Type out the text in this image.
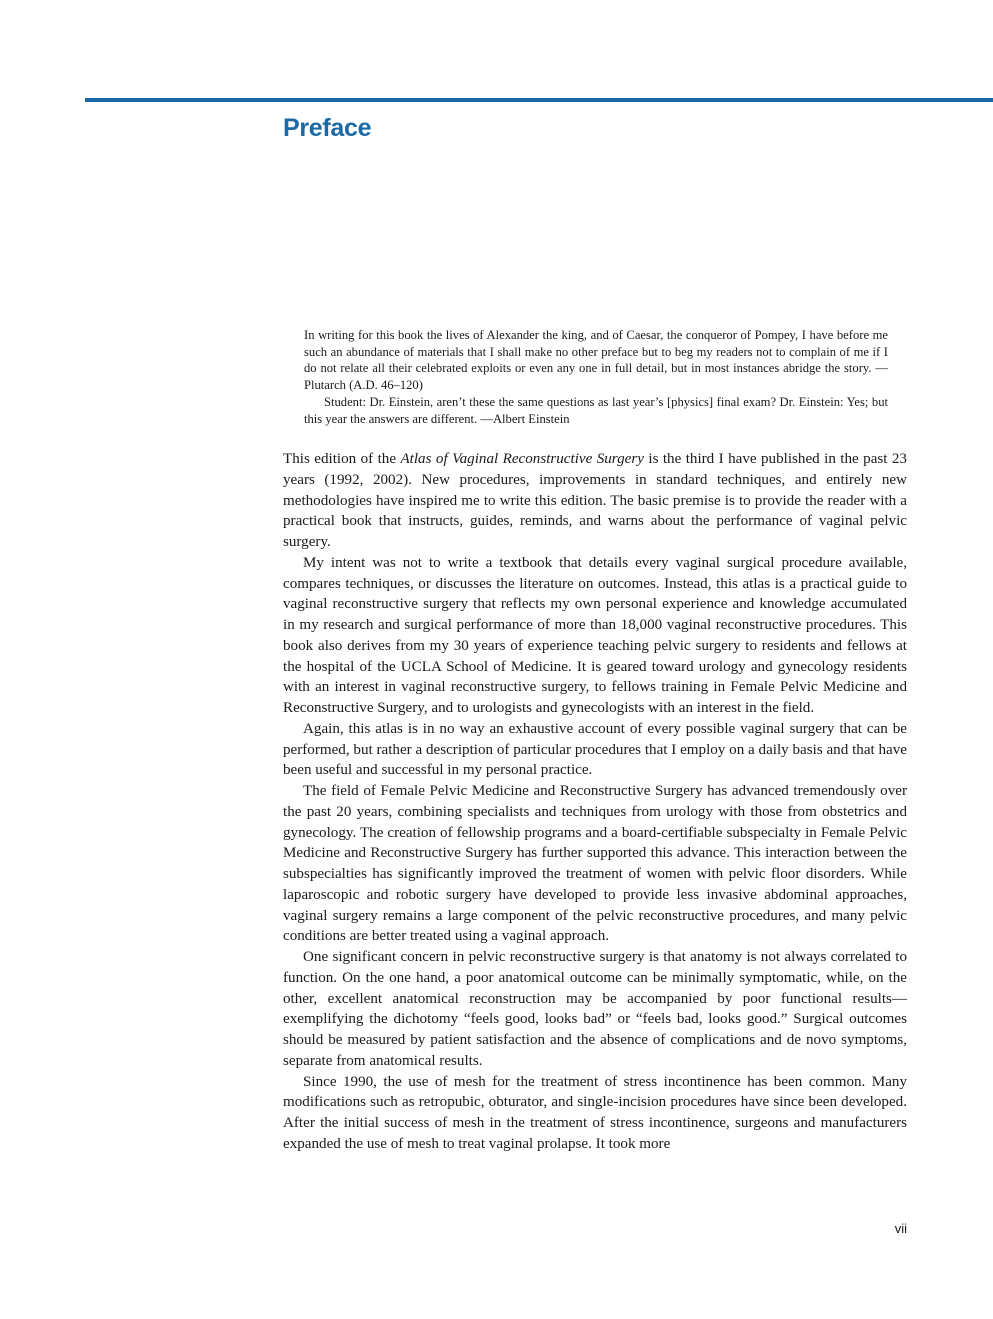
Preface

In writing for this book the lives of Alexander the king, and of Caesar, the conqueror of Pompey, I have before me such an abundance of materials that I shall make no other preface but to beg my readers not to complain of me if I do not relate all their celebrated exploits or even any one in full detail, but in most instances abridge the story. —Plutarch (A.D. 46–120)

Student: Dr. Einstein, aren’t these the same questions as last year’s [physics] final exam? Dr. Einstein: Yes; but this year the answers are different. —Albert Einstein

This edition of the Atlas of Vaginal Reconstructive Surgery is the third I have published in the past 23 years (1992, 2002). New procedures, improvements in standard techniques, and entirely new methodologies have inspired me to write this edition. The basic premise is to provide the reader with a practical book that instructs, guides, reminds, and warns about the performance of vaginal pelvic surgery.

My intent was not to write a textbook that details every vaginal surgical procedure available, compares techniques, or discusses the literature on outcomes. Instead, this atlas is a practical guide to vaginal reconstructive surgery that reflects my own personal experience and knowledge accumulated in my research and surgical performance of more than 18,000 vaginal reconstructive procedures. This book also derives from my 30 years of experience teaching pelvic surgery to residents and fellows at the hospital of the UCLA School of Medicine. It is geared toward urology and gynecology residents with an interest in vaginal reconstructive surgery, to fellows training in Female Pelvic Medicine and Reconstructive Surgery, and to urologists and gynecologists with an interest in the field.

Again, this atlas is in no way an exhaustive account of every possible vaginal surgery that can be performed, but rather a description of particular procedures that I employ on a daily basis and that have been useful and successful in my personal practice.

The field of Female Pelvic Medicine and Reconstructive Surgery has advanced tremendously over the past 20 years, combining specialists and techniques from urology with those from obstetrics and gynecology. The creation of fellowship programs and a board-certifiable subspecialty in Female Pelvic Medicine and Reconstructive Surgery has further supported this advance. This interaction between the subspecialties has significantly improved the treatment of women with pelvic floor disorders. While laparoscopic and robotic surgery have developed to provide less invasive abdominal approaches, vaginal surgery remains a large component of the pelvic reconstructive procedures, and many pelvic conditions are better treated using a vaginal approach.

One significant concern in pelvic reconstructive surgery is that anatomy is not always correlated to function. On the one hand, a poor anatomical outcome can be minimally symptomatic, while, on the other, excellent anatomical reconstruction may be accompanied by poor functional results—exemplifying the dichotomy “feels good, looks bad” or “feels bad, looks good.” Surgical outcomes should be measured by patient satisfaction and the absence of complications and de novo symptoms, separate from anatomical results.

Since 1990, the use of mesh for the treatment of stress incontinence has been common. Many modifications such as retropubic, obturator, and single-incision procedures have since been developed. After the initial success of mesh in the treatment of stress incontinence, surgeons and manufacturers expanded the use of mesh to treat vaginal prolapse. It took more

vii
